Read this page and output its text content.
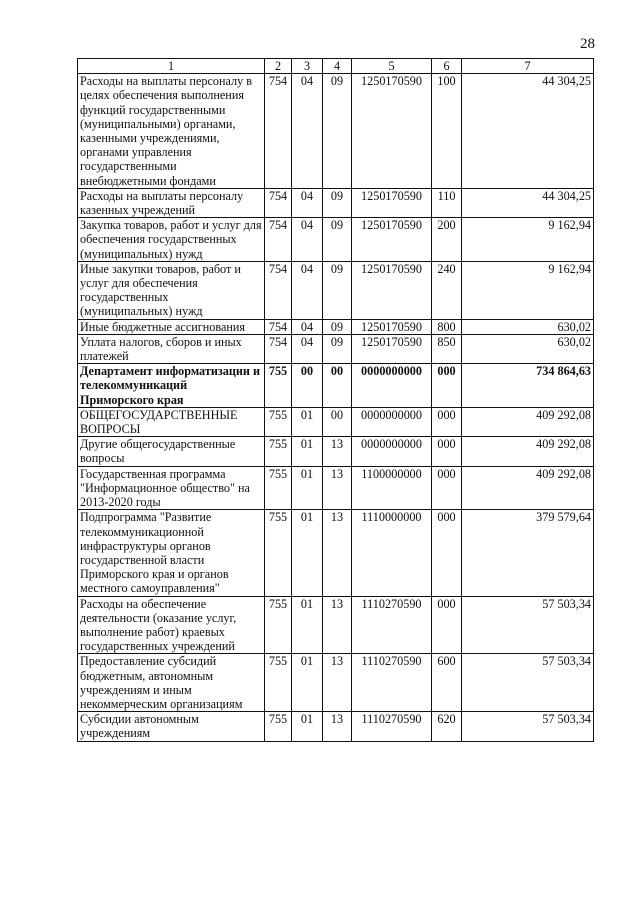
28
1	2	3	4	5	6	7
Расходы на выплаты персоналу в целях обеспечения выполнения функций государственными (муниципальными) органами, казенными учреждениями, органами управления государственными внебюджетными фондами	754	04	09	1250170590	100	44 304,25
Расходы на выплаты персоналу казенных учреждений	754	04	09	1250170590	110	44 304,25
Закупка товаров, работ и услуг для обеспечения государственных (муниципальных) нужд	754	04	09	1250170590	200	9 162,94
Иные закупки товаров, работ и услуг для обеспечения государственных (муниципальных) нужд	754	04	09	1250170590	240	9 162,94
Иные бюджетные ассигнования	754	04	09	1250170590	800	630,02
Уплата налогов, сборов и иных платежей	754	04	09	1250170590	850	630,02
Департамент информатизации и телекоммуникаций Приморского края	755	00	00	0000000000	000	734 864,63
ОБЩЕГОСУДАРСТВЕННЫЕ ВОПРОСЫ	755	01	00	0000000000	000	409 292,08
Другие общегосударственные вопросы	755	01	13	0000000000	000	409 292,08
Государственная программа "Информационное общество" на 2013-2020 годы	755	01	13	1100000000	000	409 292,08
Подпрограмма "Развитие телекоммуникационной инфраструктуры органов государственной власти Приморского края и органов местного самоуправления"	755	01	13	1110000000	000	379 579,64
Расходы на обеспечение деятельности (оказание услуг, выполнение работ) краевых государственных учреждений	755	01	13	1110270590	000	57 503,34
Предоставление субсидий бюджетным, автономным учреждениям и иным некоммерческим организациям	755	01	13	1110270590	600	57 503,34
Субсидии автономным учреждениям	755	01	13	1110270590	620	57 503,34
